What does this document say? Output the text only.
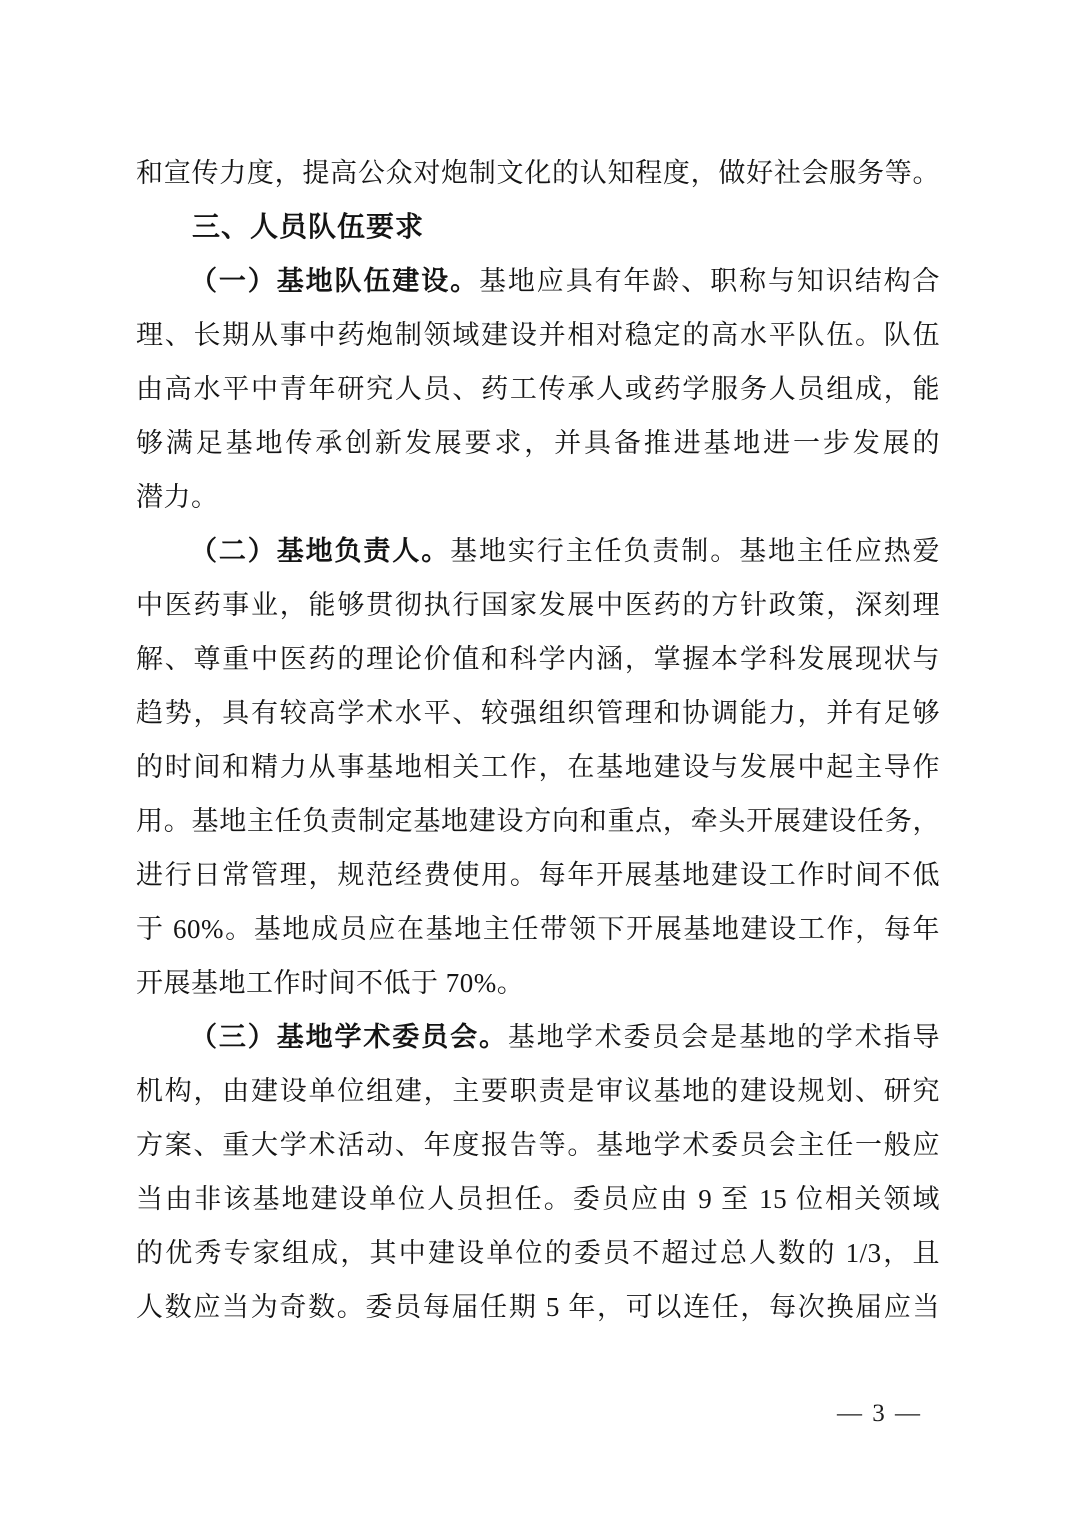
和宣传力度，提高公众对炮制文化的认知程度，做好社会服务等。
三、人员队伍要求
（一）基地队伍建设。基地应具有年龄、职称与知识结构合
理、长期从事中药炮制领域建设并相对稳定的高水平队伍。队伍
由高水平中青年研究人员、药工传承人或药学服务人员组成，能
够满足基地传承创新发展要求，并具备推进基地进一步发展的
潜力。
（二）基地负责人。基地实行主任负责制。基地主任应热爱
中医药事业，能够贯彻执行国家发展中医药的方针政策，深刻理
解、尊重中医药的理论价值和科学内涵，掌握本学科发展现状与
趋势，具有较高学术水平、较强组织管理和协调能力，并有足够
的时间和精力从事基地相关工作，在基地建设与发展中起主导作
用。基地主任负责制定基地建设方向和重点，牵头开展建设任务，
进行日常管理，规范经费使用。每年开展基地建设工作时间不低
于 60%。基地成员应在基地主任带领下开展基地建设工作，每年
开展基地工作时间不低于 70%。
（三）基地学术委员会。基地学术委员会是基地的学术指导
机构，由建设单位组建，主要职责是审议基地的建设规划、研究
方案、重大学术活动、年度报告等。基地学术委员会主任一般应
当由非该基地建设单位人员担任。委员应由 9 至 15 位相关领域
的优秀专家组成，其中建设单位的委员不超过总人数的 1/3，且
人数应当为奇数。委员每届任期 5 年，可以连任，每次换届应当
— 3 —
